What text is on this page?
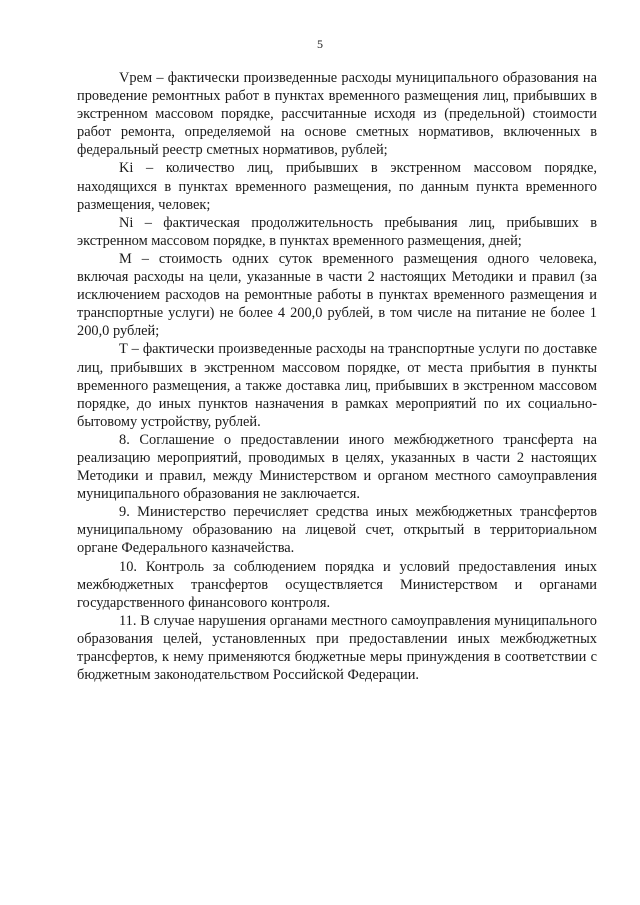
5

Vрем – фактически произведенные расходы муниципального образования на проведение ремонтных работ в пунктах временного размещения лиц, прибывших в экстренном массовом порядке, рассчитанные исходя из (предельной) стоимости работ ремонта, определяемой на основе сметных нормативов, включенных в федеральный реестр сметных нормативов, рублей;

Ki – количество лиц, прибывших в экстренном массовом порядке, находящихся в пунктах временного размещения, по данным пункта временного размещения, человек;

Ni – фактическая продолжительность пребывания лиц, прибывших в экстренном массовом порядке, в пунктах временного размещения, дней;

M – стоимость одних суток временного размещения одного человека, включая расходы на цели, указанные в части 2 настоящих Методики и правил (за исключением расходов на ремонтные работы в пунктах временного размещения и транспортные услуги) не более 4 200,0 рублей, в том числе на питание не более 1 200,0 рублей;

T – фактически произведенные расходы на транспортные услуги по доставке лиц, прибывших в экстренном массовом порядке, от места прибытия в пункты временного размещения, а также доставка лиц, прибывших в экстренном массовом порядке, до иных пунктов назначения в рамках мероприятий по их социально-бытовому устройству, рублей.

8. Соглашение о предоставлении иного межбюджетного трансферта на реализацию мероприятий, проводимых в целях, указанных в части 2 настоящих Методики и правил, между Министерством и органом местного самоуправления муниципального образования не заключается.

9. Министерство перечисляет средства иных межбюджетных трансфертов муниципальному образованию на лицевой счет, открытый в территориальном органе Федерального казначейства.

10. Контроль за соблюдением порядка и условий предоставления иных межбюджетных трансфертов осуществляется Министерством и органами государственного финансового контроля.

11. В случае нарушения органами местного самоуправления муниципального образования целей, установленных при предоставлении иных межбюджетных трансфертов, к нему применяются бюджетные меры принуждения в соответствии с бюджетным законодательством Российской Федерации.
